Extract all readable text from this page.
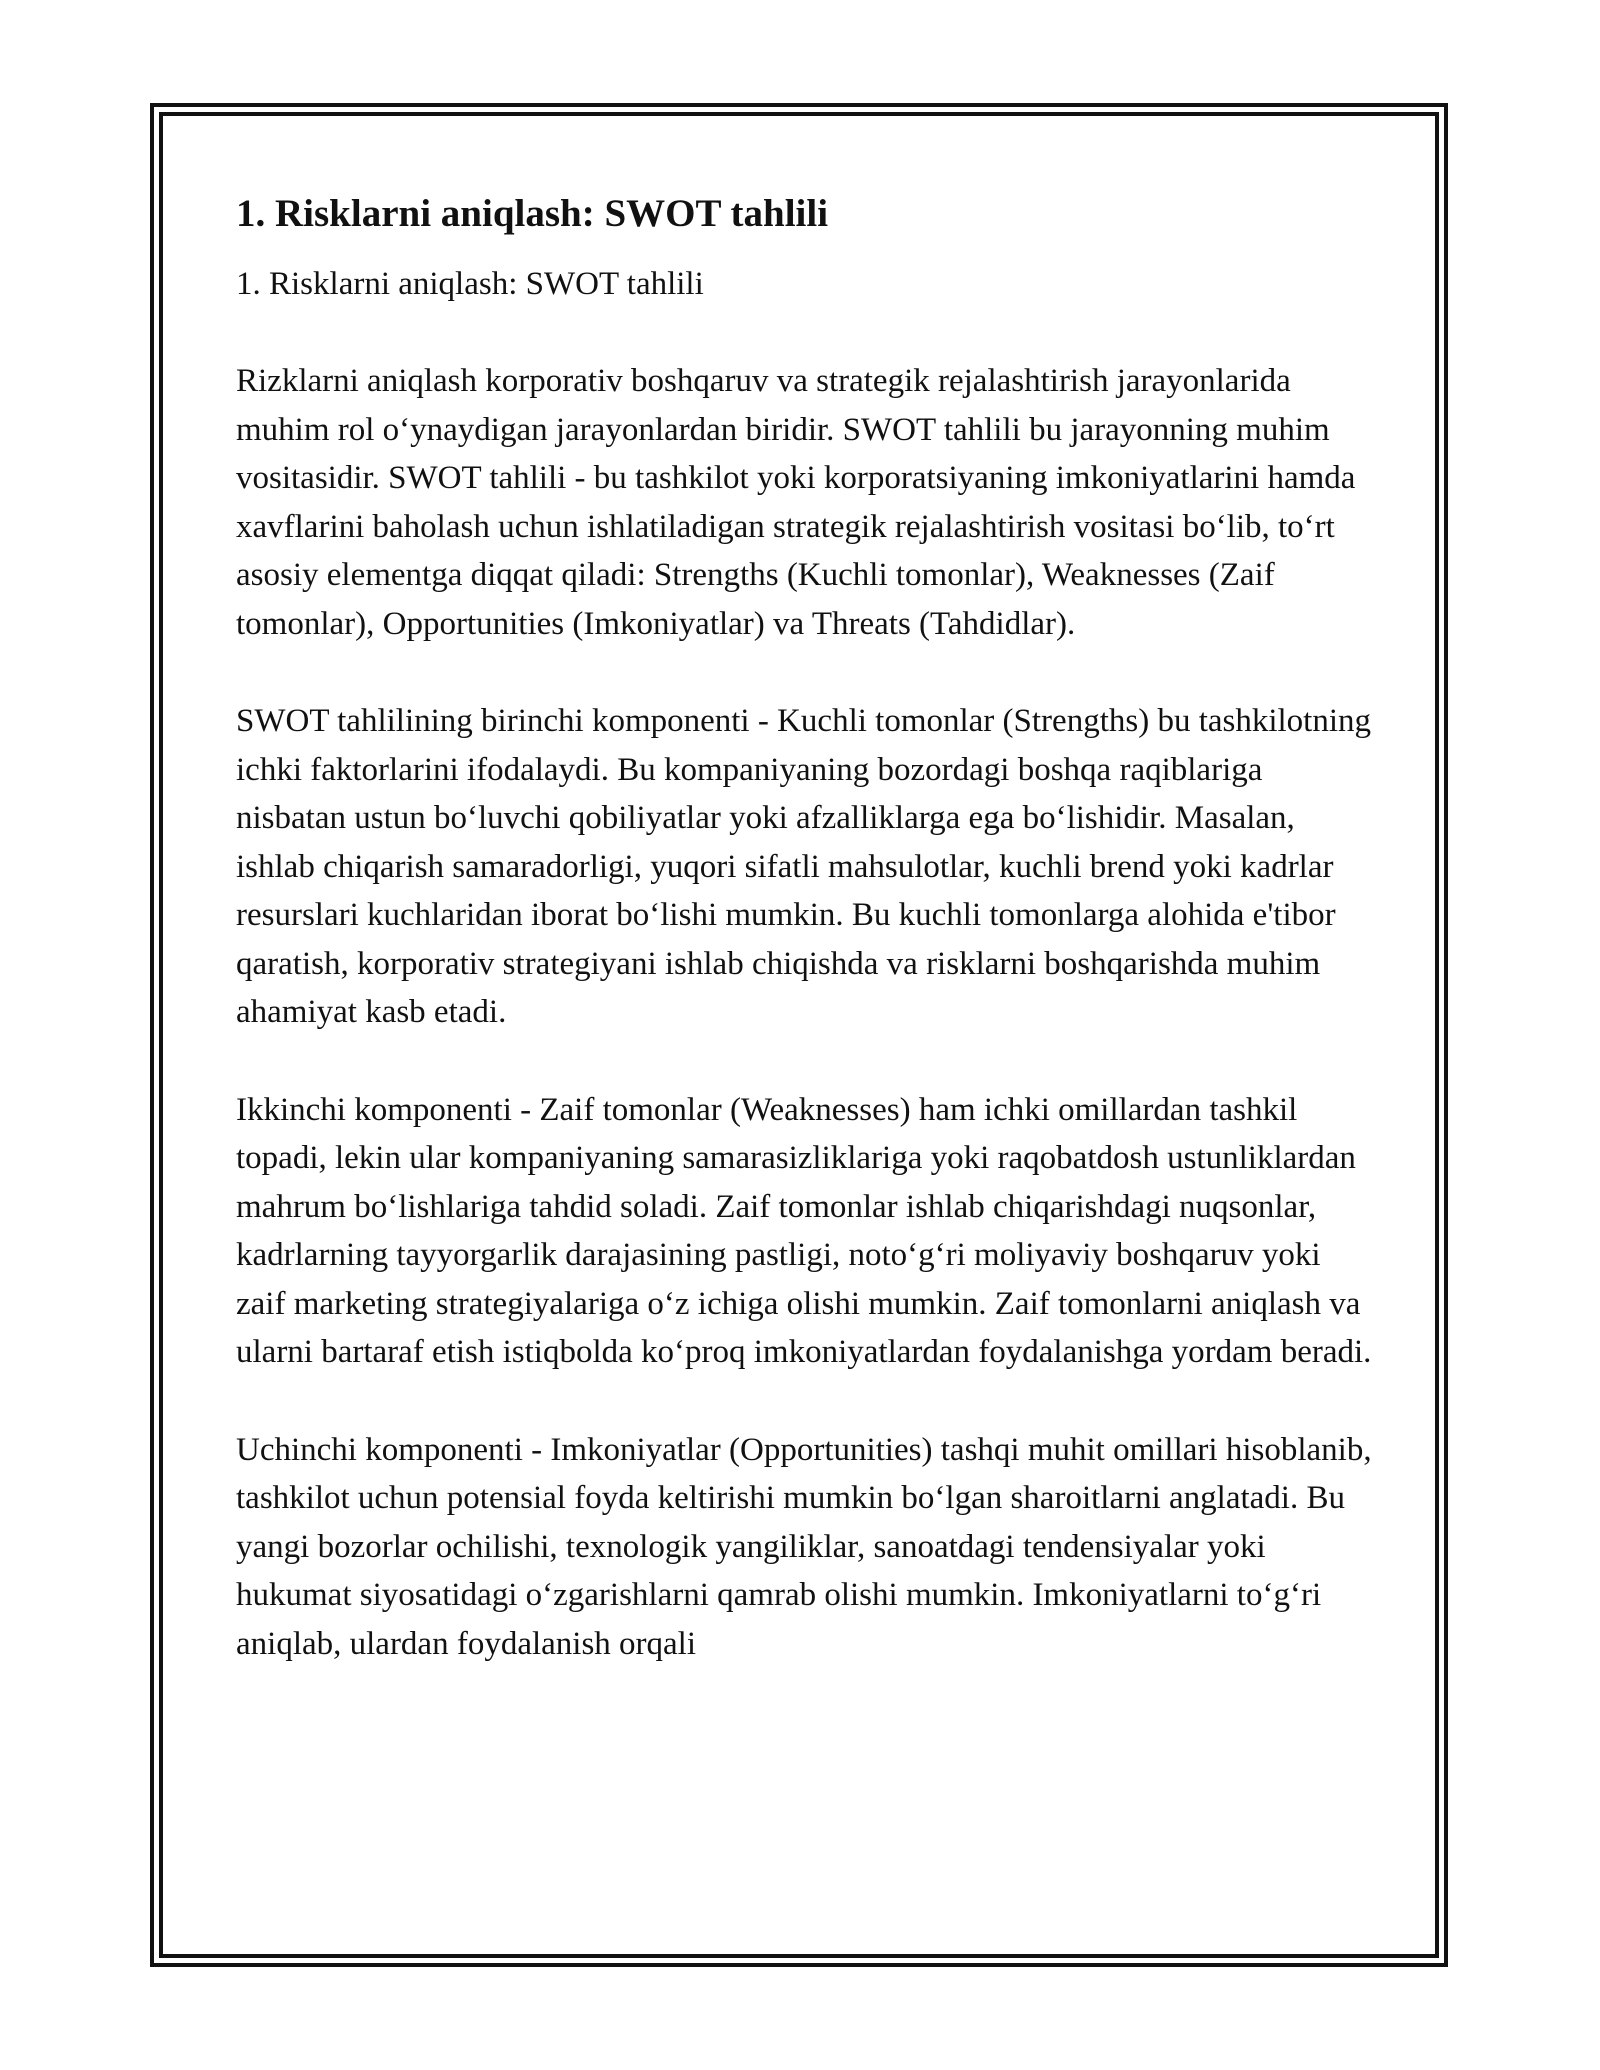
1. Risklarni aniqlash: SWOT tahlili
1. Risklarni aniqlash: SWOT tahlili

Rizklarni aniqlash korporativ boshqaruv va strategik rejalashtirish jarayonlarida muhim rol o‘ynaydigan jarayonlardan biridir. SWOT tahlili bu jarayonning muhim vositasidir. SWOT tahlili - bu tashkilot yoki korporatsiyaning imkoniyatlarini hamda xavflarini baholash uchun ishlatiladigan strategik rejalashtirish vositasi bo‘lib, to‘rt asosiy elementga diqqat qiladi: Strengths (Kuchli tomonlar), Weaknesses (Zaif tomonlar), Opportunities (Imkoniyatlar) va Threats (Tahdidlar).

SWOT tahlilining birinchi komponenti - Kuchli tomonlar (Strengths) bu tashkilotning ichki faktorlarini ifodalaydi. Bu kompaniyaning bozordagi boshqa raqiblariga nisbatan ustun bo‘luvchi qobiliyatlar yoki afzalliklarga ega bo‘lishidir. Masalan, ishlab chiqarish samaradorligi, yuqori sifatli mahsulotlar, kuchli brend yoki kadrlar resurslari kuchlaridan iborat bo‘lishi mumkin. Bu kuchli tomonlarga alohida e'tibor qaratish, korporativ strategiyani ishlab chiqishda va risklarni boshqarishda muhim ahamiyat kasb etadi.

Ikkinchi komponenti - Zaif tomonlar (Weaknesses) ham ichki omillardan tashkil topadi, lekin ular kompaniyaning samarasizliklariga yoki raqobatdosh ustunliklardan mahrum bo‘lishlariga tahdid soladi. Zaif tomonlar ishlab chiqarishdagi nuqsonlar, kadrlarning tayyorgarlik darajasining pastligi, noto‘g‘ri moliyaviy boshqaruv yoki zaif marketing strategiyalariga o‘z ichiga olishi mumkin. Zaif tomonlarni aniqlash va ularni bartaraf etish istiqbolda ko‘proq imkoniyatlardan foydalanishga yordam beradi.

Uchinchi komponenti - Imkoniyatlar (Opportunities) tashqi muhit omillari hisoblanib, tashkilot uchun potensial foyda keltirishi mumkin bo‘lgan sharoitlarni anglatadi. Bu yangi bozorlar ochilishi, texnologik yangiliklar, sanoatdagi tendensiyalar yoki hukumat siyosatidagi o‘zgarishlarni qamrab olishi mumkin. Imkoniyatlarni to‘g‘ri aniqlab, ulardan foydalanish orqali
